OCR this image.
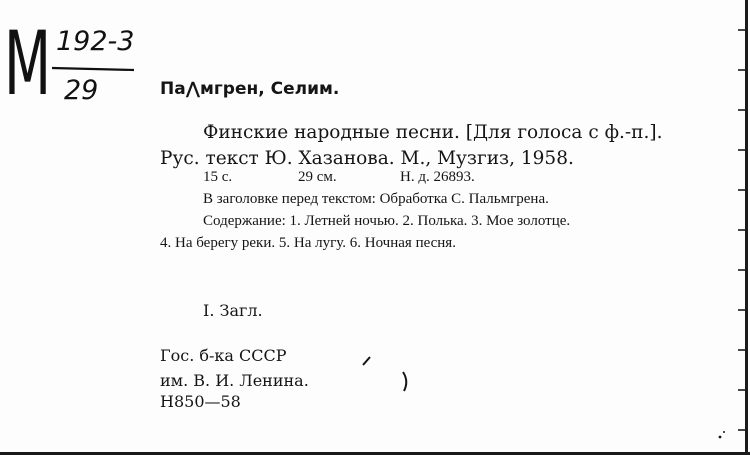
M 192-3
29	Па⋀мгрен, Селим.
Финские народные песни. [Для голоса с ф.-п.].
Рус. текст Ю. Хазанова. М., Музгиз, 1958.
15 с.	29 см.	Н. д. 26893.
В заголовке перед текстом: Обработка С. Пальмгрена.
Содержание: 1. Летней ночью. 2. Полька. 3. Мое золотце.
4. На берегу реки. 5. На лугу. 6. Ночная песня.
I. Загл.
Гос. б-ка СССР
им. В. И. Ленина.
Н850—58
